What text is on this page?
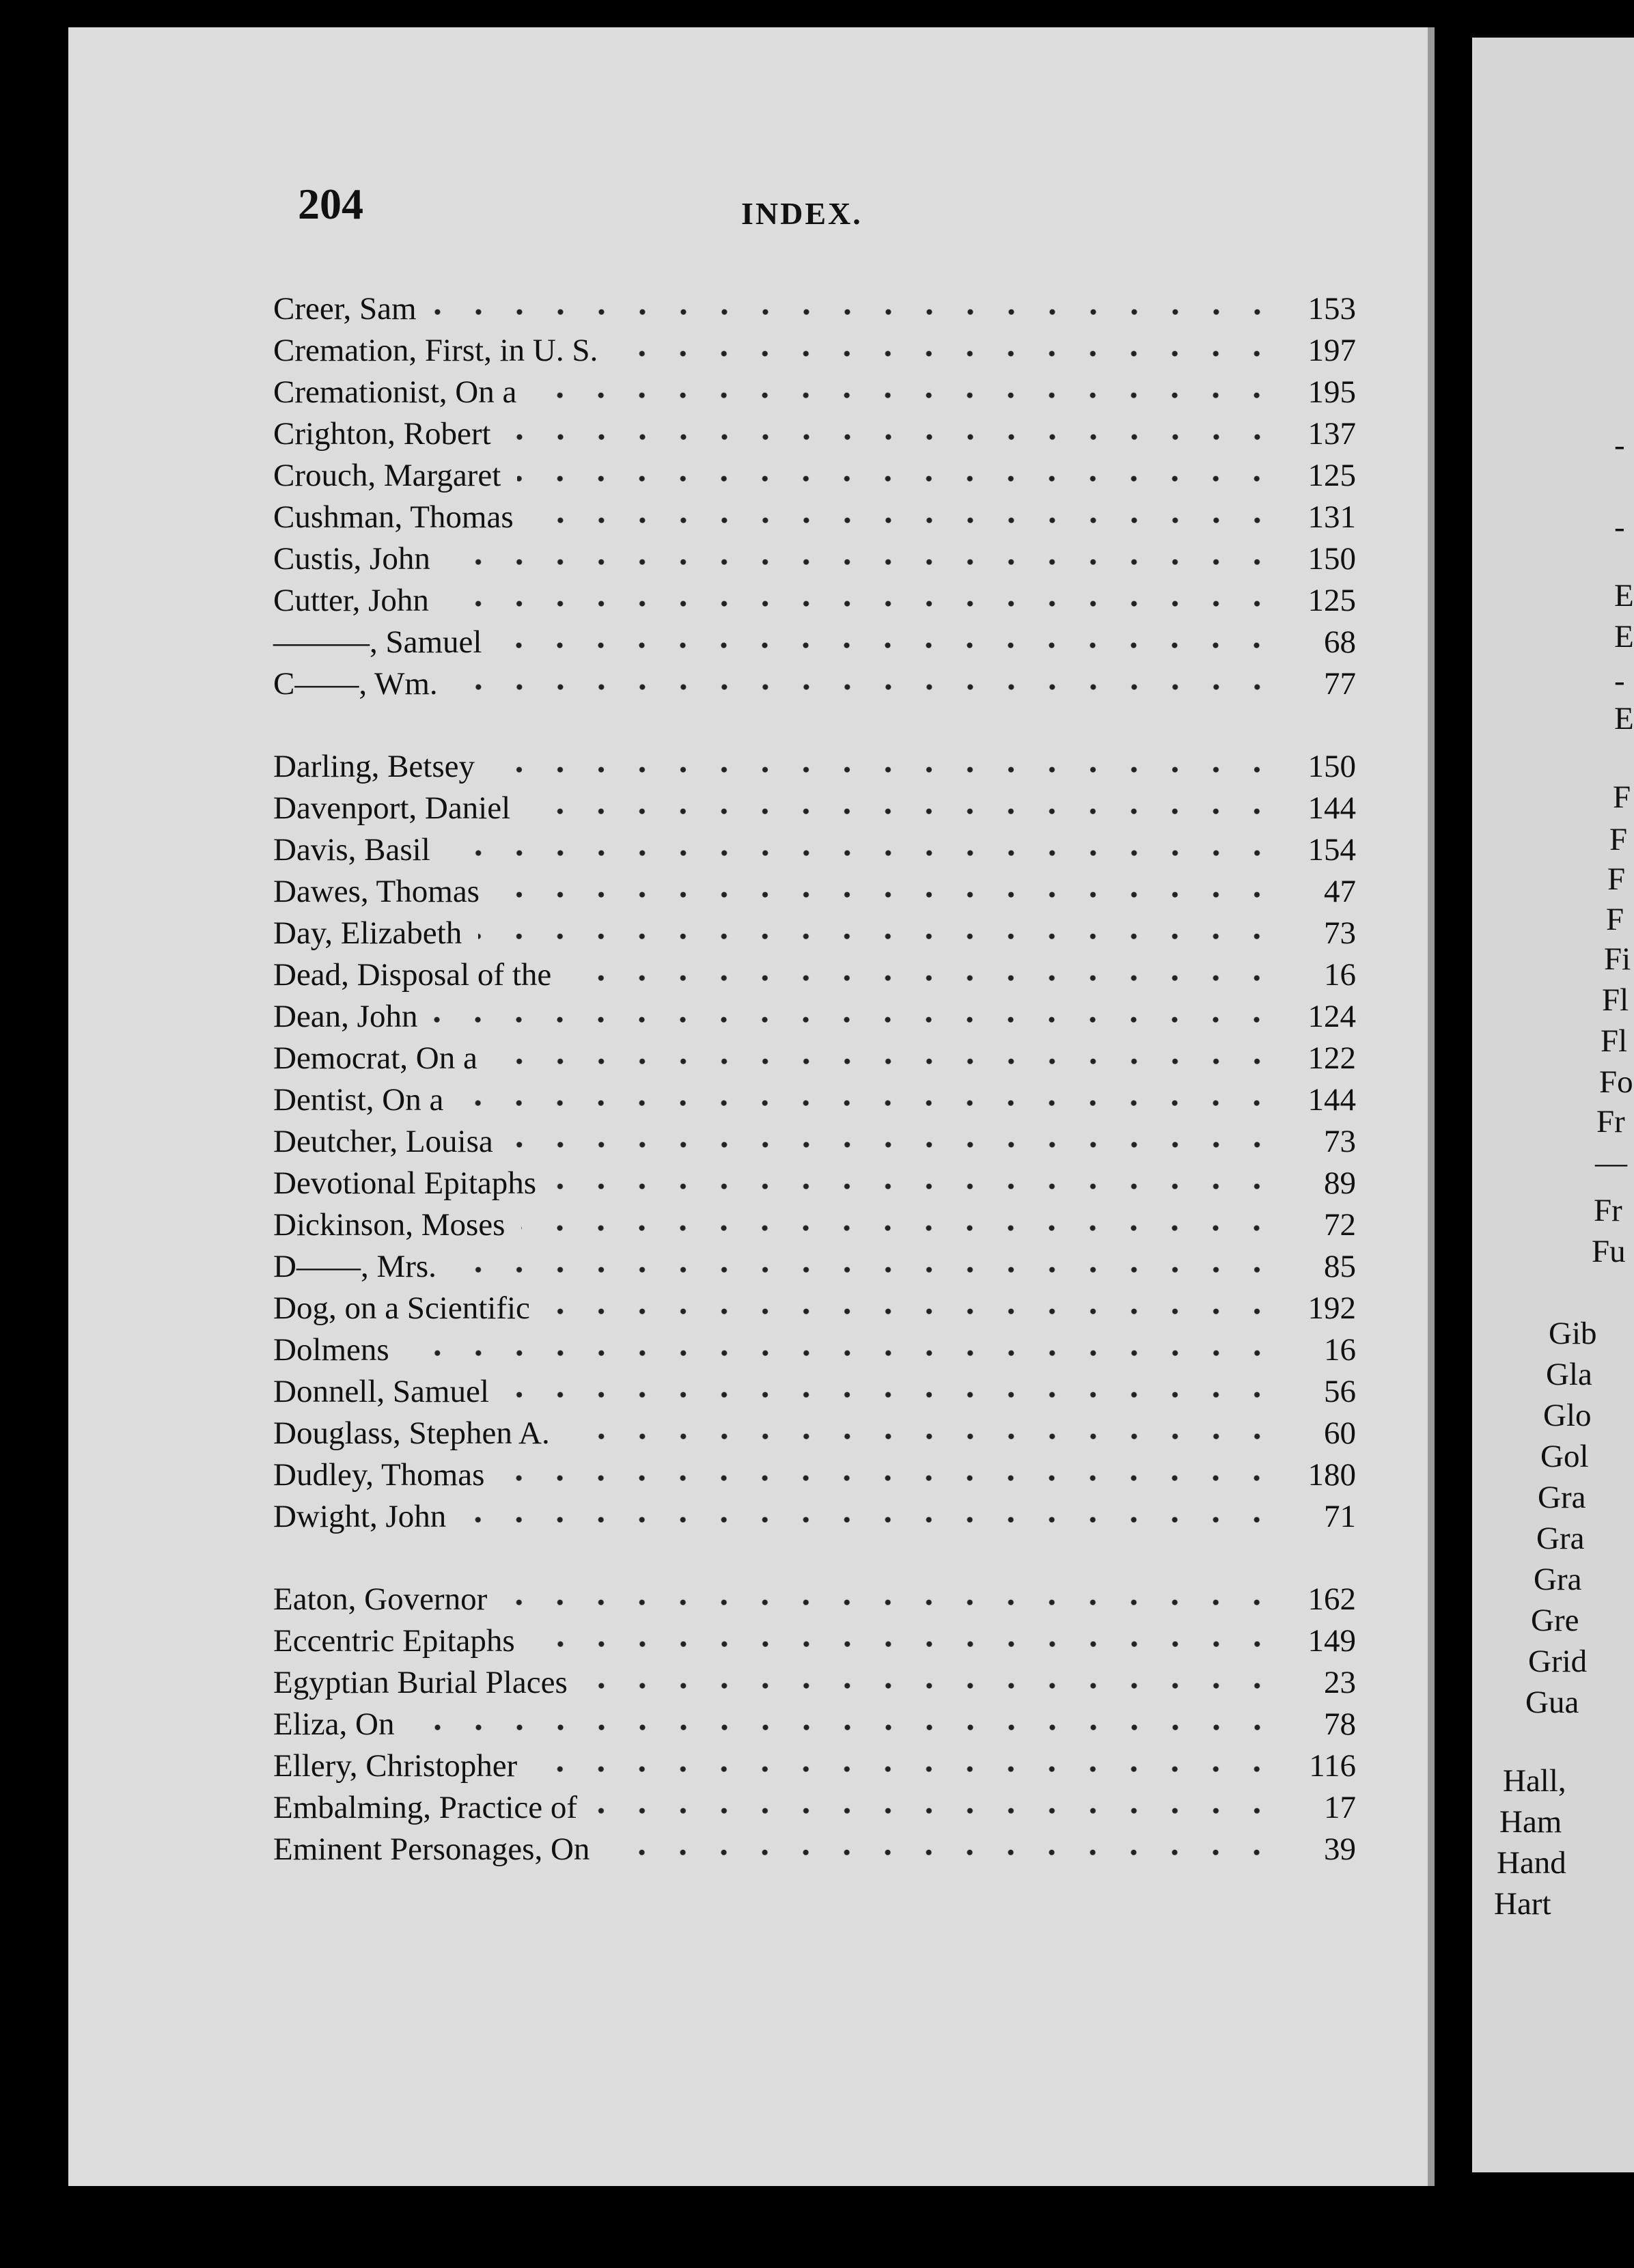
204	INDEX.
Creer, Sam	153
Cremation, First, in U. S.	197
Cremationist, On a	195
Crighton, Robert	137
Crouch, Margaret	125
Cushman, Thomas	131
Custis, John	150
Cutter, John	125
———, Samuel	68
C——, Wm.	77
Darling, Betsey	150
Davenport, Daniel	144
Davis, Basil	154
Dawes, Thomas	47
Day, Elizabeth	73
Dead, Disposal of the	16
Dean, John	124
Democrat, On a	122
Dentist, On a	144
Deutcher, Louisa	73
Devotional Epitaphs	89
Dickinson, Moses	72
D——, Mrs.	85
Dog, on a Scientific	192
Dolmens	16
Donnell, Samuel	56
Douglass, Stephen A.	60
Dudley, Thomas	180
Dwight, John	71
Eaton, Governor	162
Eccentric Epitaphs	149
Egyptian Burial Places	23
Eliza, On	78
Ellery, Christopher	116
Embalming, Practice of	17
Eminent Personages, On	39
-
-
E
E
-
E
F
F
F
F
Fi
Fl
Fl
Fo
Fr
—
Fr
Fu
Gib
Gla
Glo
Gol
Gra
Gra
Gra
Gre
Grid
Gua
Hall,
Ham
Hand
Hart
